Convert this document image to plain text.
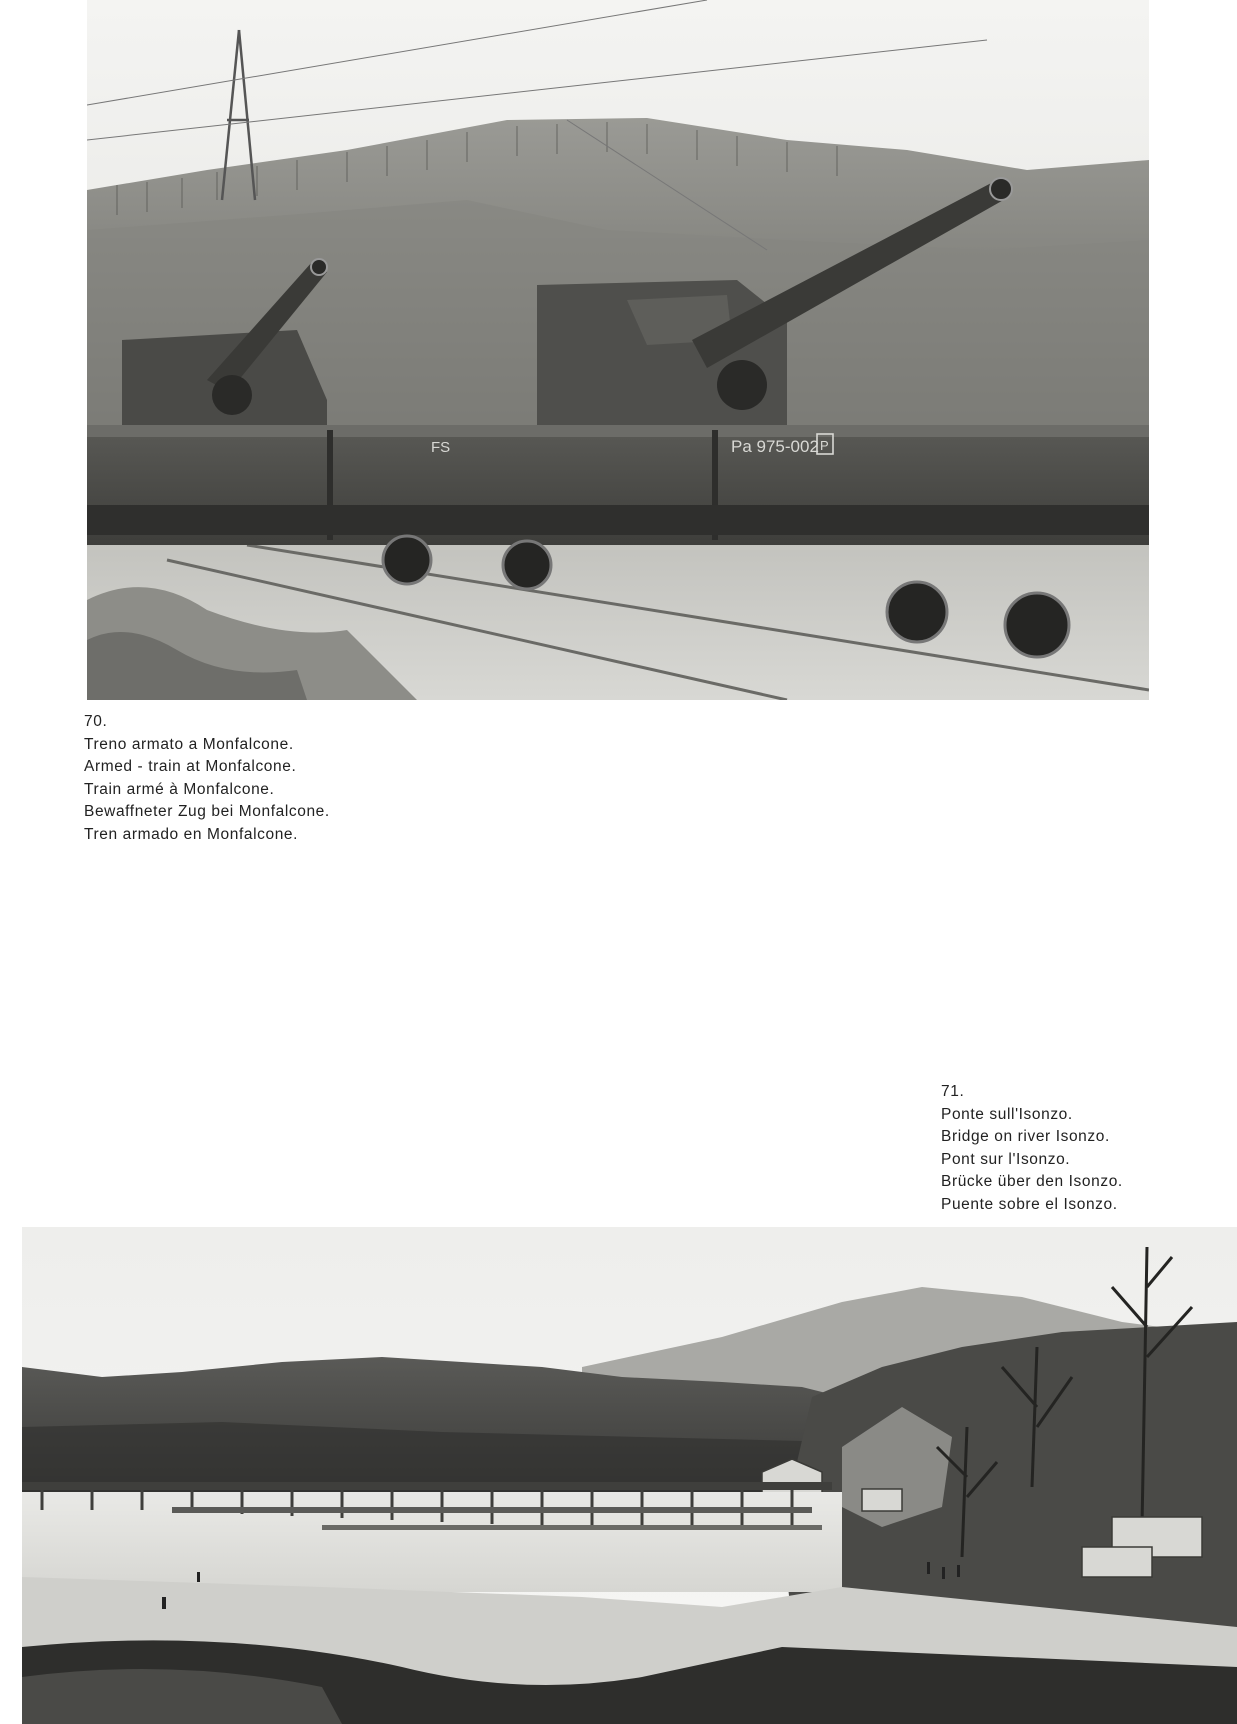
Pa 975-002
FS	P
70.
Treno armato a Monfalcone.
Armed - train at Monfalcone.
Train armé à Monfalcone.
Bewaffneter Zug bei Monfalcone.
Tren armado en Monfalcone.
71.
Ponte sull'Isonzo.
Bridge on river Isonzo.
Pont sur l'Isonzo.
Brücke über den Isonzo.
Puente sobre el Isonzo.
